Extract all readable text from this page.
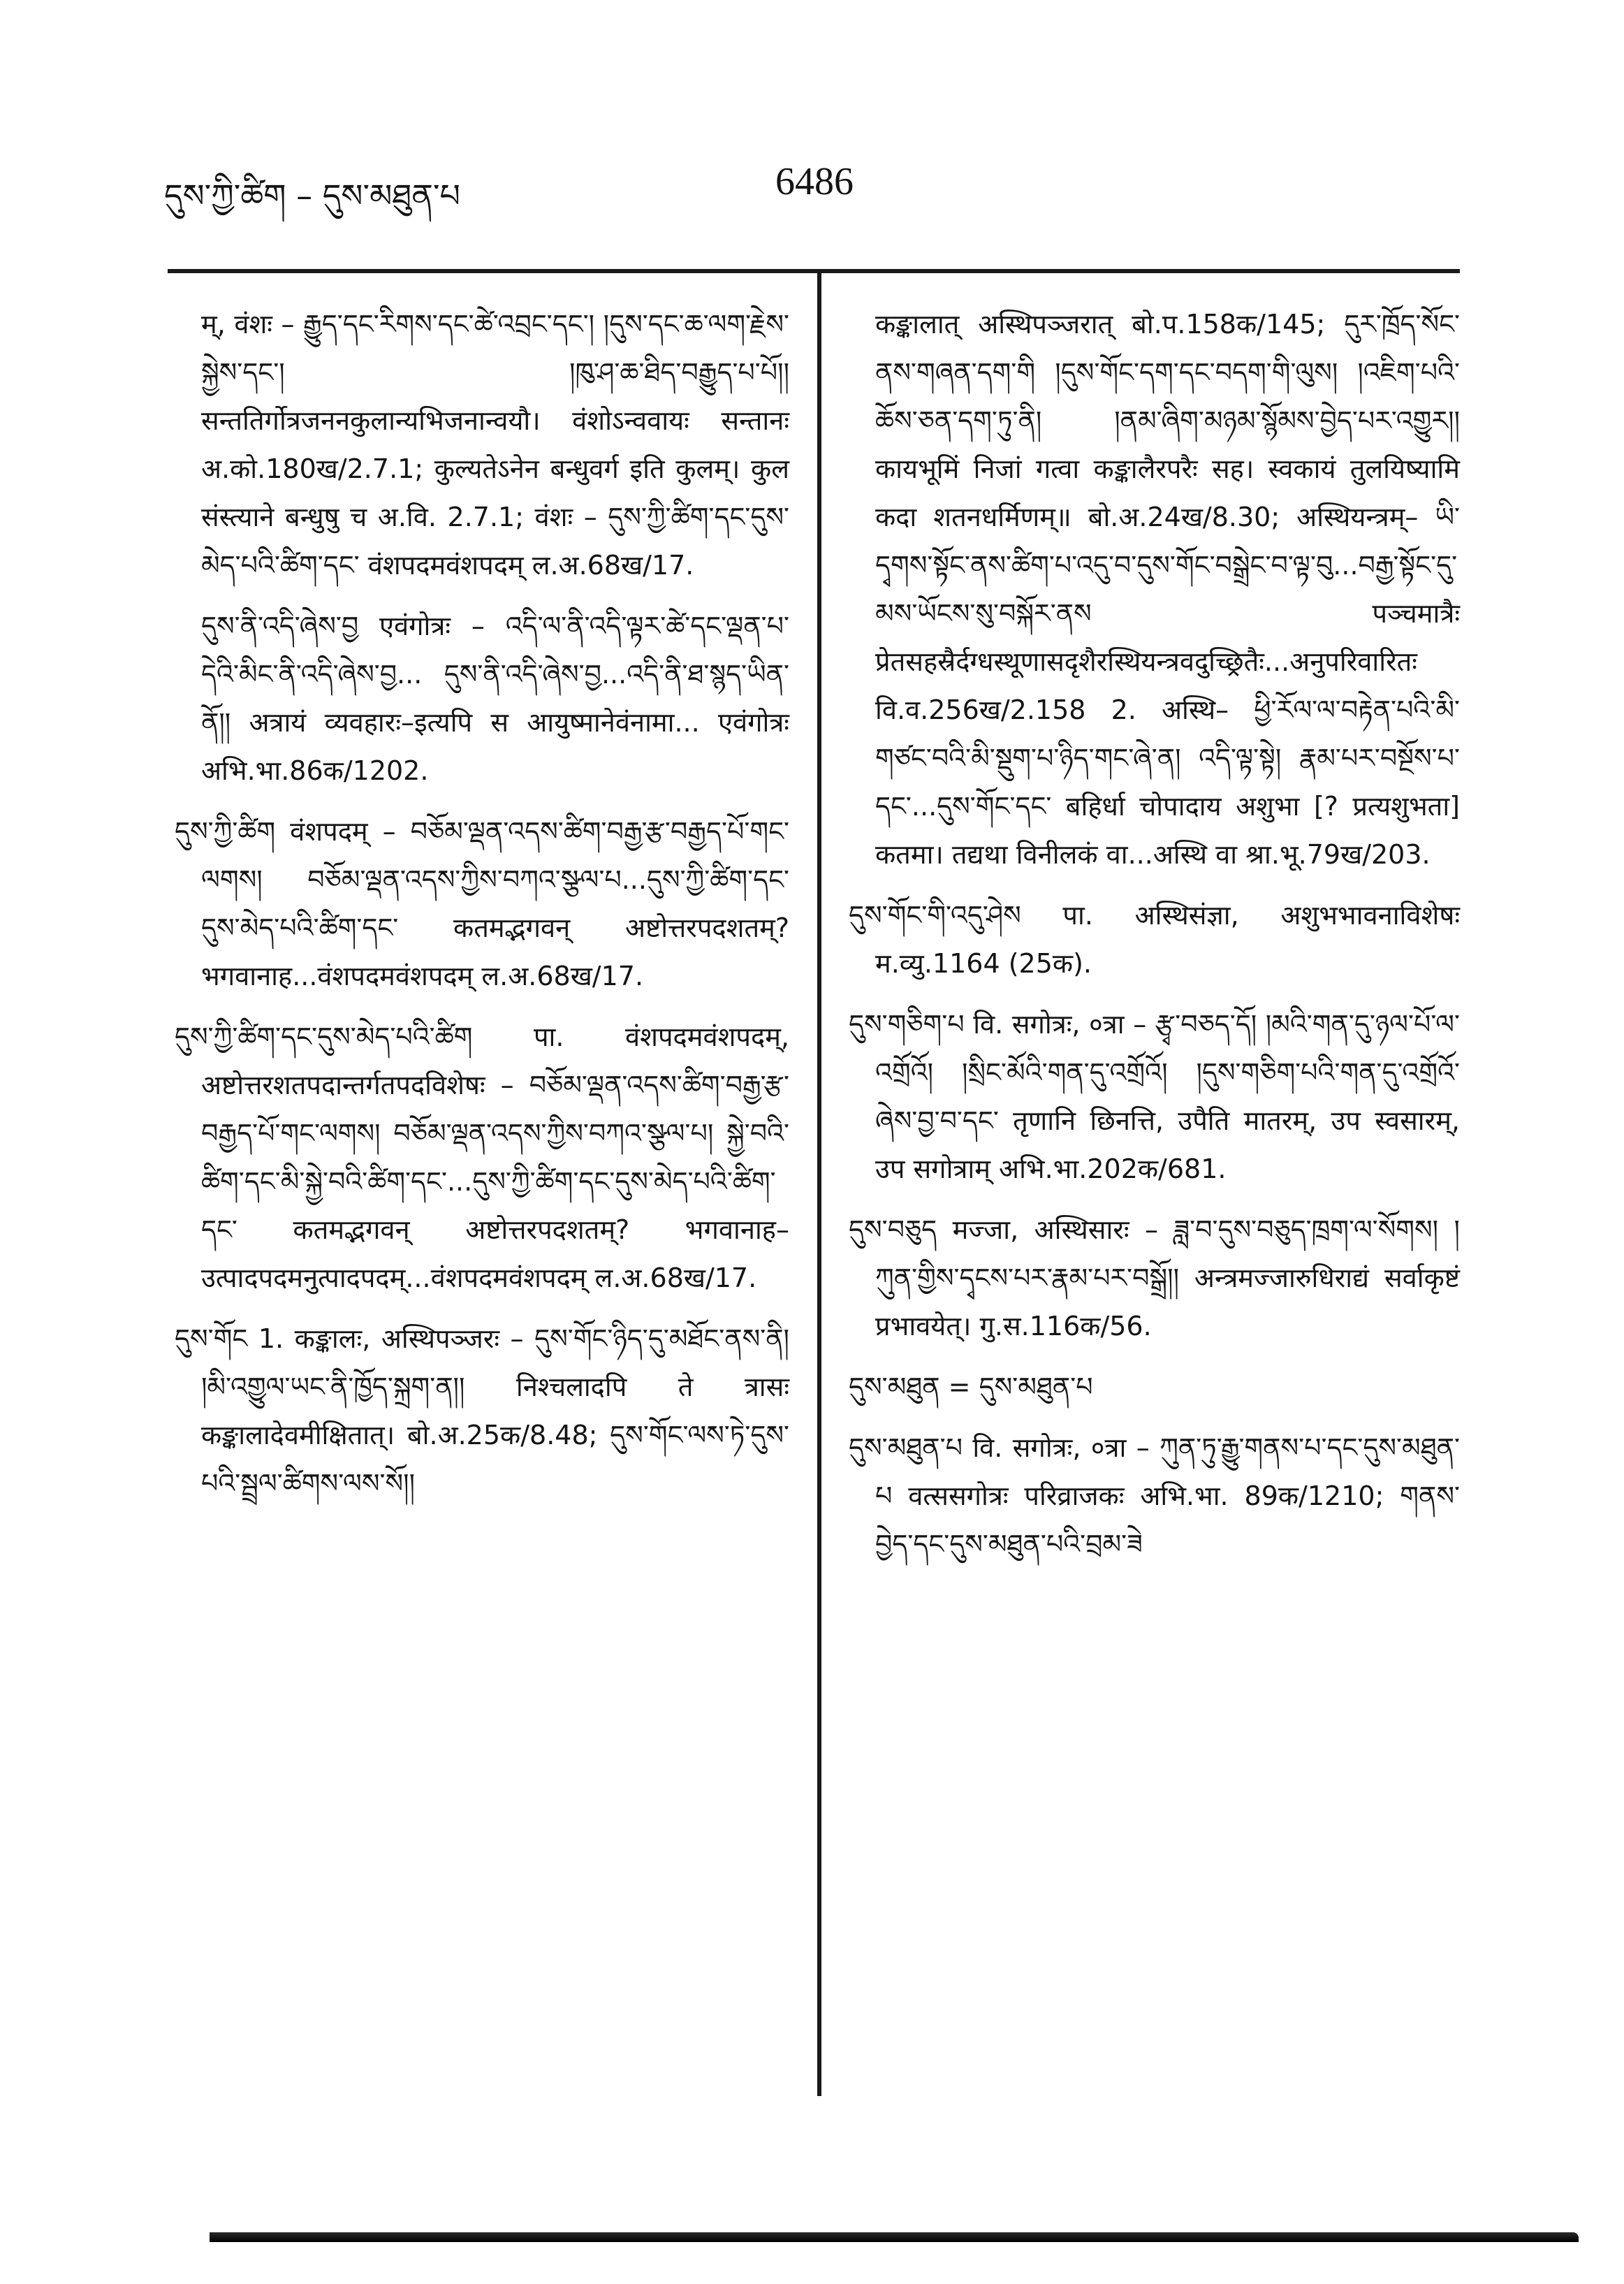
དུས་ཀྱི་ཚིག – དུས་མཐུན་པ	6486

म्, वंशः – རྒྱུད་དང་རིགས་དང་ཚེ་འབྲང་དང་། །དུས་དང་ཆ་ལག་རྗེས་སྐྱེས་དང་། །ཁུ་ཤ་ཆ་ཐིད་བརྒྱུད་པ་པོ།། सन्ततिर्गोत्रजननकुलान्यभिजनान्वयौ। वंशोऽन्ववायः सन्तानः अ.को.180ख/2.7.1; कुल्यतेऽनेन बन्धुवर्ग इति कुलम्। कुल संस्त्याने बन्धुषु च अ.वि. 2.7.1; वंशः – དུས་ཀྱི་ཚིག་དང་དུས་མེད་པའི་ཚིག་དང་ वंशपदमवंशपदम् ल.अ.68ख/17.

དུས་ནི་འདི་ཞེས་བྱ एवंगोत्रः – འདི་ལ་ནི་འདི་ལྟར་ཚེ་དང་ལྡན་པ་དེའི་མིང་ནི་འདི་ཞེས་བྱ... དུས་ནི་འདི་ཞེས་བྱ...འདི་ནི་ཐ་སྙད་ཡིན་ནོ།། अत्रायं व्यवहारः–इत्यपि स आयुष्मानेवंनामा... एवंगोत्रः अभि.भा.86क/1202.

དུས་ཀྱི་ཚིག वंशपदम् – བཅོམ་ལྡན་འདས་ཚིག་བརྒྱ་རྩ་བརྒྱད་པོ་གང་ལགས། བཅོམ་ལྡན་འདས་ཀྱིས་བཀའ་སྩལ་པ...དུས་ཀྱི་ཚིག་དང་དུས་མེད་པའི་ཚིག་དང་ कतमद्भगवन् अष्टोत्तरपदशतम्? भगवानाह...वंशपदमवंशपदम् ल.अ.68ख/17.

དུས་ཀྱི་ཚིག་དང་དུས་མེད་པའི་ཚིག पा. वंशपदमवंशपदम्, अष्टोत्तरशतपदान्तर्गतपदविशेषः – བཅོམ་ལྡན་འདས་ཚིག་བརྒྱ་རྩ་བརྒྱད་པོ་གང་ལགས། བཅོམ་ལྡན་འདས་ཀྱིས་བཀའ་སྩལ་པ། སྐྱེ་བའི་ཚིག་དང་མི་སྐྱེ་བའི་ཚིག་དང་...དུས་ཀྱི་ཚིག་དང་དུས་མེད་པའི་ཚིག་དང་ कतमद्भगवन् अष्टोत्तरपदशतम्? भगवानाह–उत्पादपदमनुत्पादपदम्...वंशपदमवंशपदम् ल.अ.68ख/17.

དུས་གོང 1. कङ्कालः, अस्थिपञ्जरः – དུས་གོང་ཉིད་དུ་མཐོང་ནས་ནི། །མི་འགྱུལ་ཡང་ནི་ཁྱོད་སྐྲག་ན།། निश्चलादपि ते त्रासः कङ्कालादेवमीक्षितात्। बो.अ.25क/8.48; དུས་གོང་ལས་ཏེ་དུས་པའི་སྦྲལ་ཚིགས་ལས་སོ།།

कङ्कालात् अस्थिपञ्जरात् बो.प.158क/145; དུར་ཁྲོད་སོང་ནས་གཞན་དག་གི །དུས་གོང་དག་དང་བདག་གི་ལུས། །འཇིག་པའི་ཆོས་ཅན་དག་ཏུ་ནི། །ནམ་ཞིག་མཉམ་སྙོམས་བྱེད་པར་འགྱུར།། कायभूमिं निजां गत्वा कङ्कालैरपरैः सह। स्वकायं तुलयिष्यामि कदा शतनधर्मिणम्॥ बो.अ.24ख/8.30; अस्थियन्त्रम्– ཡི་དྭགས་སྟོང་ནས་ཚིག་པ་འདུ་བ་དུས་གོང་བསྒྲེང་བ་ལྟ་བུ...བརྒྱ་སྟོང་དུ་མས་ཡོངས་སུ་བསྐོར་ནས पञ्चमात्रैः प्रेतसहस्रैर्दग्धस्थूणासदृशैरस्थियन्त्रवदुच्छ्रितैः...अनुपरिवारितः वि.व.256ख/2.158 2. अस्थि– ཕྱི་རོལ་ལ་བརྟེན་པའི་མི་གཙང་བའི་མི་སྡུག་པ་ཉིད་གང་ཞེ་ན། འདི་ལྟ་སྟེ། རྣམ་པར་བསྔོས་པ་དང་...དུས་གོང་དང་ बहिर्धा चोपादाय अशुभा [? प्रत्यशुभता] कतमा। तद्यथा विनीलकं वा...अस्थि वा श्रा.भू.79ख/203.

དུས་གོང་གི་འདུ་ཤེས पा. अस्थिसंज्ञा, अशुभभावनाविशेषः म.व्यु.1164 (25क).

དུས་གཅིག་པ वि. सगोत्रः, ०त्रा – རྩྭ་བཅད་དོ། །མའི་གན་དུ་ཉལ་པོ་ལ་འགྲོའོ། །སྲིང་མོའི་གན་དུ་འགྲོའོ། །དུས་གཅིག་པའི་གན་དུ་འགྲོའོ་ཞེས་བྱ་བ་དང་ तृणानि छिनत्ति, उपैति मातरम्, उप स्वसारम्, उप सगोत्राम् अभि.भा.202क/681.

དུས་བཅུད मज्जा, अस्थिसारः – ཟླ་བ་དུས་བཅུད་ཁྲག་ལ་སོགས། །ཀུན་གྱིས་དྭངས་པར་རྣམ་པར་བསྒྲོ།། अन्त्रमज्जारुधिराद्यं सर्वाकृष्टं प्रभावयेत्। गु.स.116क/56.

དུས་མཐུན = དུས་མཐུན་པ

དུས་མཐུན་པ वि. सगोत्रः, ०त्रा – ཀུན་ཏུ་རྒྱུ་གནས་པ་དང་དུས་མཐུན་པ वत्ससगोत्रः परिव्राजकः अभि.भा. 89क/1210; གནས་བྱེད་དང་དུས་མཐུན་པའི་བྲམ་ཟེ
